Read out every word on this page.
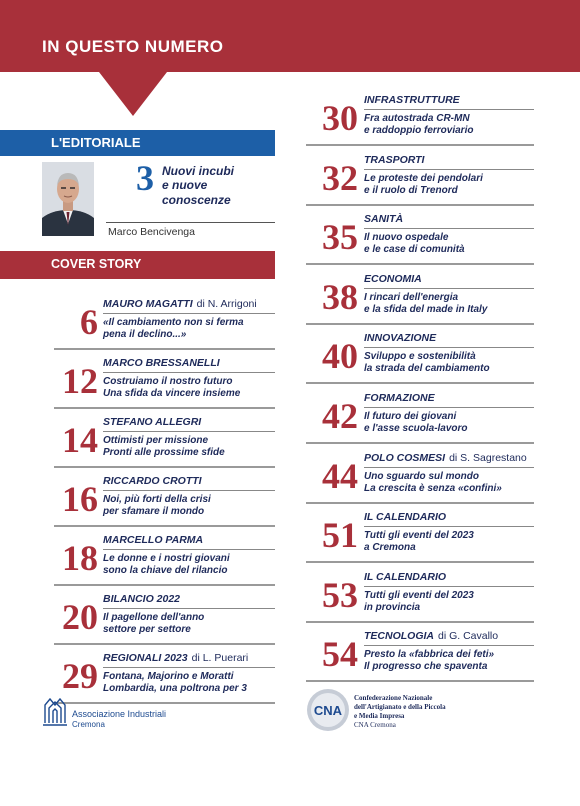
IN QUESTO NUMERO
L'EDITORIALE
3 Nuovi incubi
e nuove
conoscenze
Marco Bencivenga
COVER STORY
6 MAURO MAGATTI di N. Arrigoni
«Il cambiamento non si ferma
pena il declino...»
12 MARCO BRESSANELLI
Costruiamo il nostro futuro
Una sfida da vincere insieme
14 STEFANO ALLEGRI
Ottimisti per missione
Pronti alle prossime sfide
16 RICCARDO CROTTI
Noi, più forti della crisi
per sfamare il mondo
18 MARCELLO PARMA
Le donne e i nostri giovani
sono la chiave del rilancio
20 BILANCIO 2022
Il pagellone dell'anno
settore per settore
29 REGIONALI 2023 di L. Puerari
Fontana, Majorino e Moratti
Lombardia, una poltrona per 3
30 INFRASTRUTTURE
Fra autostrada CR-MN
e raddoppio ferroviario
32 TRASPORTI
Le proteste dei pendolari
e il ruolo di Trenord
35 SANITÀ
Il nuovo ospedale
e le case di comunità
38 ECONOMIA
I rincari dell'energia
e la sfida del made in Italy
40 INNOVAZIONE
Sviluppo e sostenibilità
la strada del cambiamento
42 FORMAZIONE
Il futuro dei giovani
e l'asse scuola-lavoro
44 POLO COSMESI di S. Sagrestano
Uno sguardo sul mondo
La crescita è senza «confini»
51 IL CALENDARIO
Tutti gli eventi del 2023
a Cremona
53 IL CALENDARIO
Tutti gli eventi del 2023
in provincia
54 TECNOLOGIA di G. Cavallo
Presto la «fabbrica dei feti»
Il progresso che spaventa
Associazione Industriali
Cremona
CNA
Confederazione Nazionale
dell'Artigianato e della Piccola
e Media Impresa
CNA Cremona
